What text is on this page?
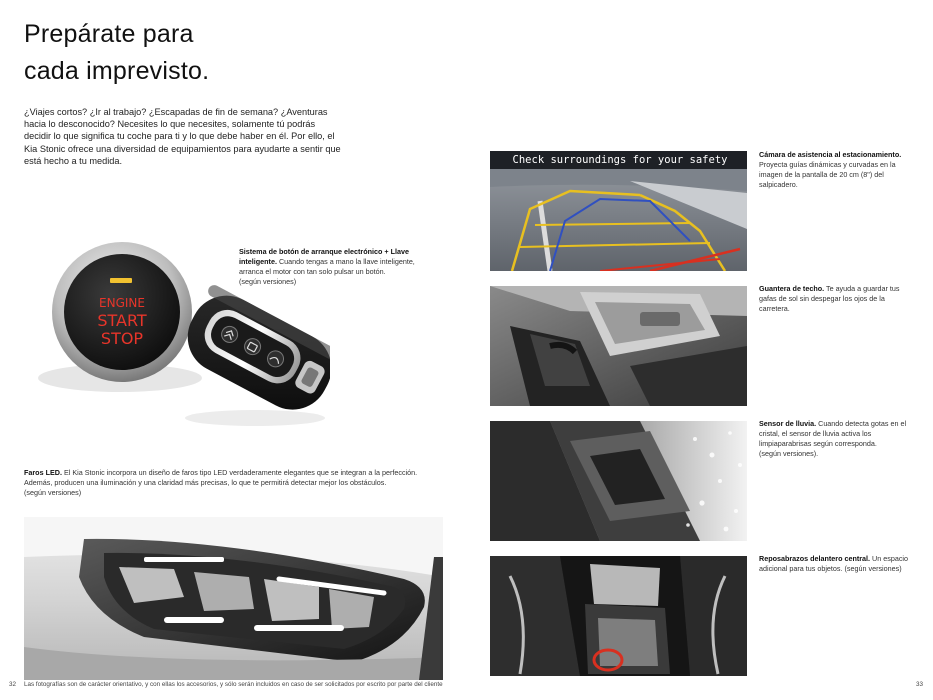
Prepárate para
cada imprevisto.
¿Viajes cortos? ¿Ir al trabajo? ¿Escapadas de fin de semana? ¿Aventuras hacia lo desconocido? Necesites lo que necesites, solamente tú podrás decidir lo que significa tu coche para ti y lo que debe haber en él. Por ello, el Kia Stonic ofrece una diversidad de equipamientos para ayudarte a sentir que está hecho a tu medida.
ENGINE
START
STOP
Sistema de botón de arranque electrónico + Llave
inteligente. Cuando tengas a mano la llave inteligente, arranca el motor con tan solo pulsar un botón.
(según versiones)
Faros LED. El Kia Stonic incorpora un diseño de faros tipo LED verdaderamente elegantes que se integran a la perfección. Además, producen una iluminación y una claridad más precisas, lo que te permitirá detectar mejor los obstáculos.
(según versiones)
Check surroundings for your safety	Cámara de asistencia al estacionamiento.
Proyecta guías dinámicas y curvadas en la imagen de la pantalla de 20 cm (8") del salpicadero.
Guantera de techo. Te ayuda a guardar tus gafas de sol sin despegar los ojos de la carretera.
Sensor de lluvia. Cuando detecta gotas en el cristal, el sensor de lluvia activa los limpiaparabrisas según corresponda.
(según versiones).
Reposabrazos delantero central. Un espacio adicional para tus objetos. (según versiones)
32 Las fotografías son de carácter orientativo, y con ellas los accesorios, y sólo serán incluidos en caso de ser solicitados por escrito por parte del cliente	33
